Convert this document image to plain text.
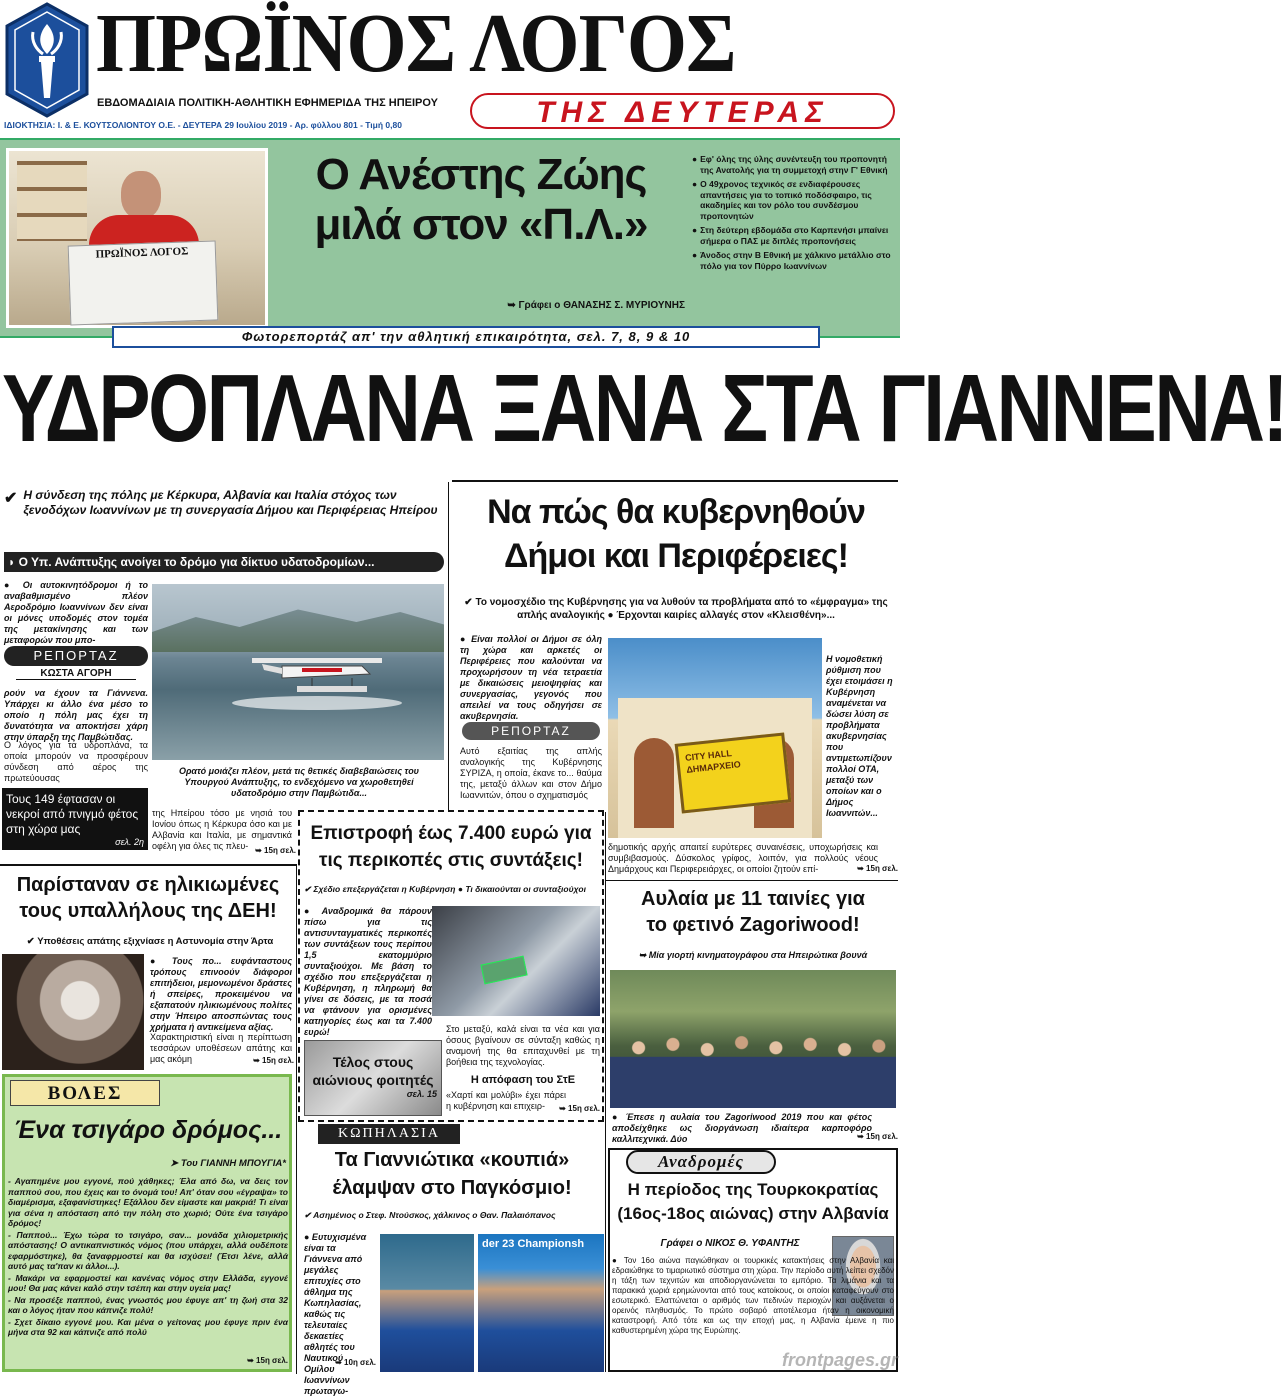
ΠΡΩΪΝΟΣ ΛΟΓΟΣ
ΕΒΔΟΜΑΔΙΑΙΑ ΠΟΛΙΤΙΚΗ-ΑΘΛΗΤΙΚΗ ΕΦΗΜΕΡΙΔΑ ΤΗΣ ΗΠΕΙΡΟΥ	ΤΗΣ ΔΕΥΤΕΡΑΣ
ΙΔΙΟΚΤΗΣΙΑ: Ι. & Ε. ΚΟΥΤΣΟΛΙΟΝΤΟΥ Ο.Ε. - ΔΕΥΤΕΡΑ 29 Ιουλίου 2019 - Αρ. φύλλου 801 - Τιμή 0,80
ΠΡΩΪΝΟΣ ΛΟΓΟΣ
Ο Ανέστης Ζώης
μιλά στον «Π.Λ.»
➥ Γράφει ο ΘΑΝΑΣΗΣ Σ. ΜΥΡΙΟΥΝΗΣ
● Εφ' όλης της ύλης συνέντευξη του προπονητή της Ανατολής για τη συμμετοχή στην Γ' Εθνική
● Ο 49χρονος τεχνικός σε ενδιαφέρουσες απαντήσεις για το τοπικό ποδόσφαιρο, τις ακαδημίες και τον ρόλο του συνδέσμου προπονητών
● Στη δεύτερη εβδομάδα στο Καρπενήσι μπαίνει σήμερα ο ΠΑΣ με διπλές προπονήσεις
● Άνοδος στην Β Εθνική με χάλκινο μετάλλιο στο πόλο για τον Πύρρο Ιωαννίνων
Φωτορεπορτάζ απ' την αθλητική επικαιρότητα, σελ. 7, 8, 9 & 10
ΥΔΡΟΠΛΑΝΑ ΞΑΝΑ ΣΤΑ ΓΙΑΝΝΕΝΑ!
✔ Η σύνδεση της πόλης με Κέρκυρα, Αλβανία και Ιταλία στόχος των ξενοδόχων Ιωαννίνων με τη συνεργασία Δήμου και Περιφέρειας Ηπείρου
◗ Ο Υπ. Ανάπτυξης ανοίγει το δρόμο για δίκτυο υδατοδρομίων...
● Οι αυτοκινητόδρομοι ή το αναβαθμισμένο πλέον Αεροδρόμιο Ιωαννίνων δεν είναι οι μόνες υποδομές στον τομέα της μετακίνησης και των μεταφορών που μπο-
ΡΕΠΟΡΤΑΖ
ΚΩΣΤΑ ΑΓΟΡΗ
ρούν να έχουν τα Γιάννενα. Υπάρχει κι άλλο ένα μέσο το οποίο η πόλη μας έχει τη δυνατότητα να αποκτήσει χάρη στην ύπαρξη της Παμβώτιδας.
Ο λόγος για τα υδροπλάνα, τα οποία μπορούν να προσφέρουν σύνδεση από αέρος της πρωτεύουσας
Ορατό μοιάζει πλέον, μετά τις θετικές διαβεβαιώσεις του Υπουργού Ανάπτυξης, το ενδεχόμενο να χωροθετηθεί υδατοδρόμιο στην Παμβώτιδα...
της Ηπείρου τόσο με νησιά του Ιονίου όπως η Κέρκυρα όσο και με Αλβανία και Ιταλία, με σημαντικά οφέλη για όλες τις πλευ- ➥ 15η σελ.
Τους 149 έφτασαν οι νεκροί από πνιγμό φέτος στη χώρα μας
σελ. 2η
Να πώς θα κυβερνηθούν
Δήμοι και Περιφέρειες!
✔ Το νομοσχέδιο της Κυβέρνησης για να λυθούν τα προβλήματα από το «έμφραγμα» της απλής αναλογικής ● Έρχονται καιρίες αλλαγές στον «Κλεισθένη»...
● Είναι πολλοί οι Δήμοι σε όλη τη χώρα και αρκετές οι Περιφέρειες που καλούνται να προχωρήσουν τη νέα τετραετία με δικαιώσεις μειοψηφίας και συνεργασίας, γεγονός που απειλεί να τους οδηγήσει σε ακυβερνησία.
ΡΕΠΟΡΤΑΖ
Αυτό εξαιτίας της απλής αναλογικής της Κυβέρνησης ΣΥΡΙΖΑ, η οποία, έκανε το... θαύμα της, μεταξύ άλλων και στον Δήμο Ιωαννιτών, όπου ο σχηματισμός
CITY HALL ΔΗΜΑΡΧΕΙΟ
Η νομοθετική ρύθμιση που έχει ετοιμάσει η Κυβέρνηση αναμένεται να δώσει λύση σε προβλήματα ακυβερνησίας που αντιμετωπίζουν πολλοί ΟΤΑ, μεταξύ των οποίων και ο Δήμος Ιωαννιτών...
δημοτικής αρχής απαιτεί ευρύτερες συναινέσεις, υποχωρήσεις και συμβιβασμούς. Δύσκολος γρίφος, λοιπόν, για πολλούς νέους Δημάρχους και Περιφερειάρχες, οι οποίοι ζητούν επί-	➥ 15η σελ.
Παρίσταναν σε ηλικιωμένες
τους υπαλλήλους της ΔΕΗ!
✔ Υποθέσεις απάτης εξιχνίασε η Αστυνομία στην Άρτα
● Τους πο... ευφάνταστους τρόπους επινοούν διάφοροι επιτήδειοι, μεμονωμένοι δράστες ή σπείρες, προκειμένου να εξαπατούν ηλικιωμένους πολίτες στην Ήπειρο αποσπώντας τους χρήματα ή αντικείμενα αξίας.
Χαρακτηριστική είναι η περίπτωση τεσσάρων υποθέσεων απάτης και μας ακόμη	➥ 15η σελ.
Επιστροφή έως 7.400 ευρώ για
τις περικοπές στις συντάξεις!
✔ Σχέδιο επεξεργάζεται η Κυβέρνηση ● Τι δικαιούνται οι συνταξιούχοι
● Αναδρομικά θα πάρουν πίσω για τις αντισυνταγματικές περικοπές των συντάξεων τους περίπου 1,5 εκατομμύριο συνταξιούχοι. Με βάση το σχέδιο που επεξεργάζεται η Κυβέρνηση, η πληρωμή θα γίνει σε δόσεις, με τα ποσά να φτάνουν για ορισμένες κατηγορίες έως και τα 7.400 ευρώ!
Τέλος στους αιώνιους φοιτητές
σελ. 15
Στο μεταξύ, καλά είναι τα νέα και για όσους βγαίνουν σε σύνταξη καθώς η αναμονή της θα επιταχυνθεί με τη βοήθεια της τεχνολογίας.
Η απόφαση του ΣτΕ
«Χαρτί και μολύβι» έχει πάρει η κυβέρνηση και επιχειρ-	➥ 15η σελ.
Αυλαία με 11 ταινίες για
το φετινό Zagoriwood!
➥ Μία γιορτή κινηματογράφου στα Ηπειρώτικα βουνά
● Έπεσε η αυλαία του Zagoriwood 2019 που και φέτος αποδείχθηκε ως διοργάνωση ιδιαίτερα καρποφόρο καλλιτεχνικά. Δύο	➥ 15η σελ.
ΒΟΛΕΣ
Ένα τσιγάρο δρόμος...
➤ Του ΓΙΑΝΝΗ ΜΠΟΥΓΙΑ*

- Αγαπημένε μου εγγονέ, πού χάθηκες; Έλα από δω, να δεις τον παππού σου, που έχεις και το όνομά του! Απ' όταν σου «έγραψα» το διαμέρισμα, εξαφανίστηκες! Εξάλλου δεν είμαστε και μακριά! Τι είναι για σένα η απόσταση από την πόλη στο χωριό; Ούτε ένα τσιγάρο δρόμος!

- Παππού... Έχω τώρα το τσιγάρο, σαν... μονάδα χιλιομετρικής απόστασης! Ο αντικαπνιστικός νόμος (που υπάρχει, αλλά ουδέποτε εφαρμόστηκε), θα ξαναφρμοστεί και θα ισχύσει! (Έτσι λένε, αλλά αυτό μας τα'παν κι άλλοι...).

- Μακάρι να εφαρμοστεί και κανένας νόμος στην Ελλάδα, εγγονέ μου! Θα μας κάνει καλό στην τσέπη και στην υγεία μας!

- Να προσέξε παππού, ένας γνωστός μου έφυγε απ' τη ζωή στα 32 και ο λόγος ήταν που κάπνιζε πολύ!

- Σχετ δίκαιο εγγονέ μου. Και μένα ο γείτονας μου έφυγε πριν ένα μήνα στα 92 και κάπνιζε από πολύ

➥ 15η σελ.
ΚΩΠΗΛΑΣΙΑ
Τα Γιαννιώτικα «κουπιά»
έλαμψαν στο Παγκόσμιο!
✔ Ασημένιος ο Στεφ. Ντούσκος, χάλκινος ο Θαν. Παλαιόπανος
● Ευτυχισμένα είναι τα Γιάννενα από μεγάλες επιτυχίες στο άθλημα της Κωπηλασίας, καθώς τις τελευταίες δεκαετίες αθλητές του Ναυτικού Ομίλου Ιωαννίνων πρωταγω-
➥ 10η σελ.
der 23 Championsh
Αναδρομές
Η περίοδος της Τουρκοκρατίας
(16ος-18ος αιώνας) στην Αλβανία
Γράφει ο ΝΙΚΟΣ Θ. ΥΦΑΝΤΗΣ
● Τον 16ο αιώνα παγιώθηκαν οι τουρκικές κατακτήσεις στην Αλβανία και εδραιώθηκε το τιμαριωτικό σύστημα στη χώρα. Την περίοδο αυτή λείπει σχεδόν η τάξη των τεχνιτών και αποδιοργανώνεται το εμπόριο. Τα λιμάνια και τα παρακικά χωριά ερημώνονται από τους κατοίκους, οι οποίοι καταφεύγουν στο εσωτερικό. Ελαττώνεται ο αριθμός των πεδινών περιοχών και αυξάνεται ο ορεινός πληθυσμός. Το πρώτο σοβαρό αποτέλεσμα ήταν η οικονομική καταστροφή. Από τότε και ως την εποχή μας, η Αλβανία έμεινε η πιο καθυστερημένη χώρα της Ευρώπης.
frontpages.gr
